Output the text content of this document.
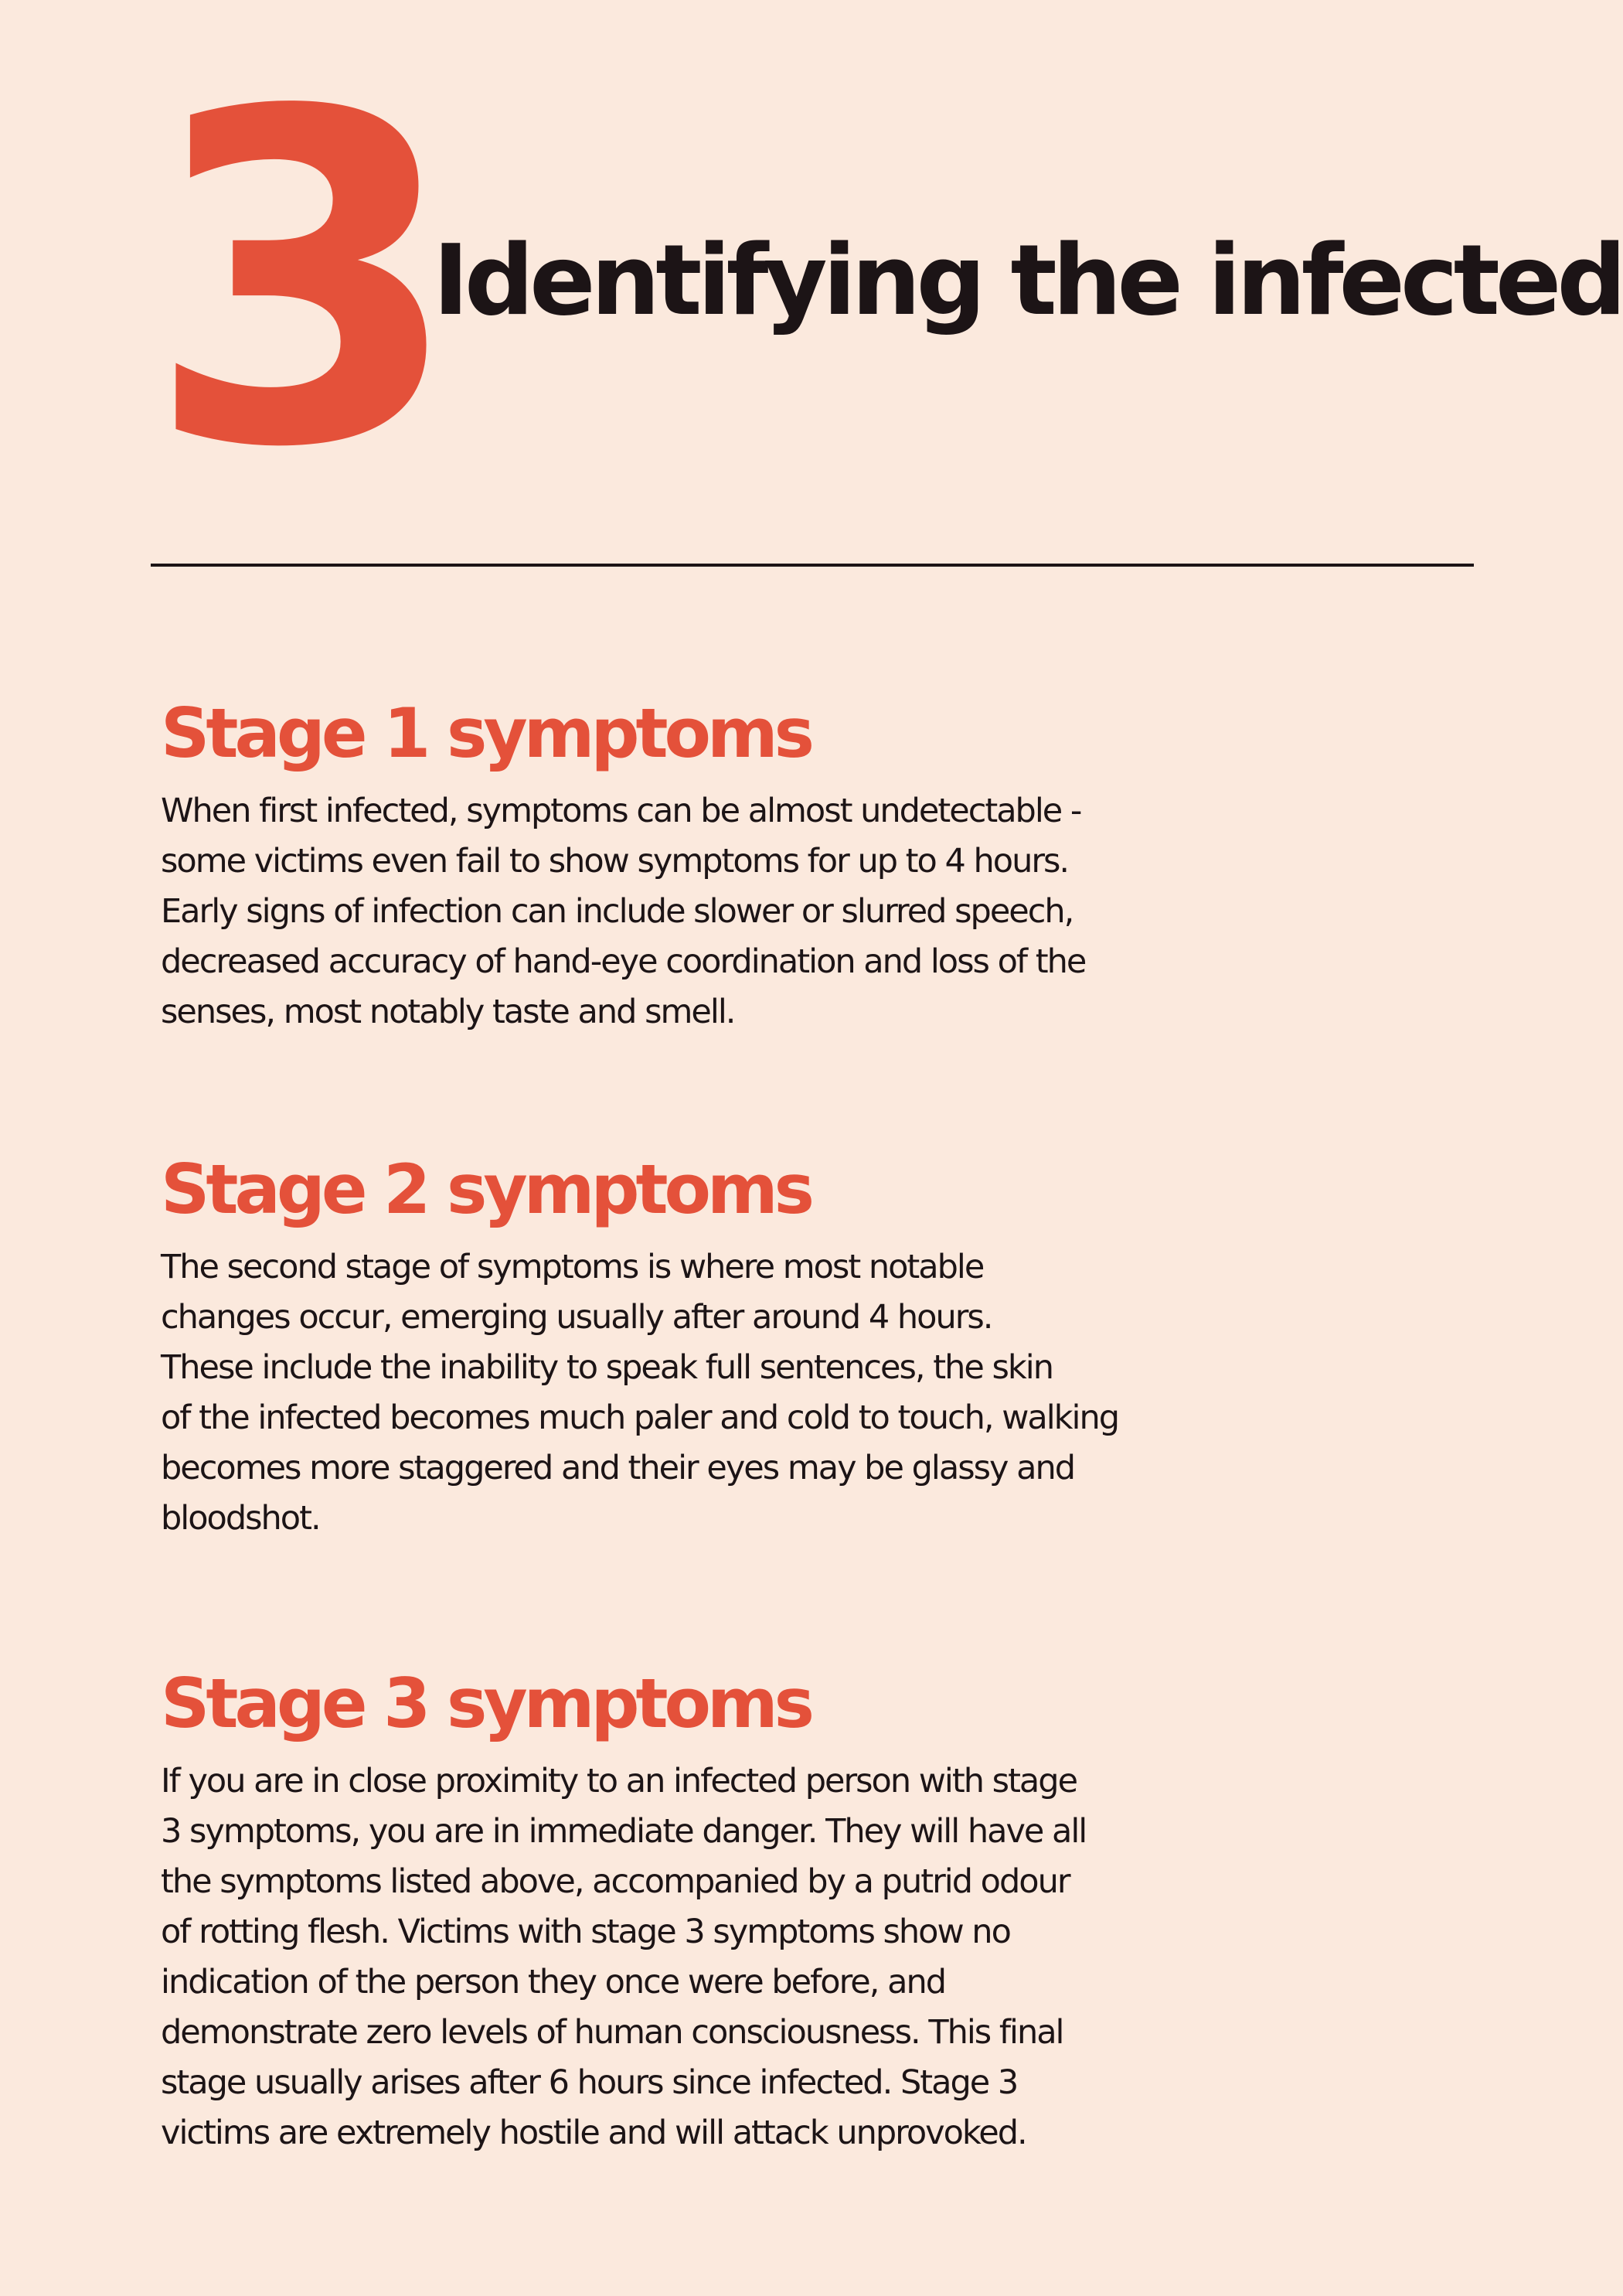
3
Identifying the infected
Stage 1 symptoms

When first infected, symptoms can be almost undetectable -
some victims even fail to show symptoms for up to 4 hours.
Early signs of infection can include slower or slurred speech,
decreased accuracy of hand-eye coordination and loss of the
senses, most notably taste and smell.

Stage 2 symptoms

The second stage of symptoms is where most notable
changes occur, emerging usually after around 4 hours.
These include the inability to speak full sentences, the skin
of the infected becomes much paler and cold to touch, walking
becomes more staggered and their eyes may be glassy and
bloodshot.

Stage 3 symptoms

If you are in close proximity to an infected person with stage
3 symptoms, you are in immediate danger. They will have all
the symptoms listed above, accompanied by a putrid odour
of rotting flesh. Victims with stage 3 symptoms show no
indication of the person they once were before, and
demonstrate zero levels of human consciousness. This final
stage usually arises after 6 hours since infected. Stage 3
victims are extremely hostile and will attack unprovoked.
